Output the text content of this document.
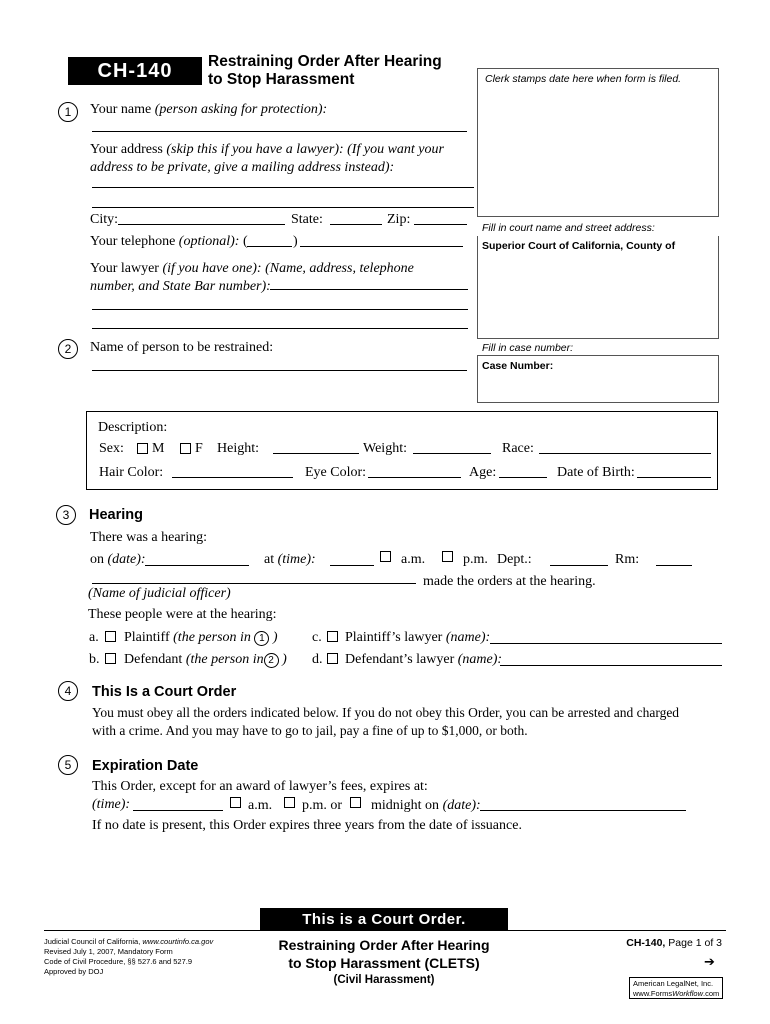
CH-140	Restraining Order After Hearing
to Stop Harassment	Clerk stamps date here when form is filed.
Fill in court name and street address:
Superior Court of California, County of
Fill in case number:
Case Number:
1	Your name (person asking for protection):
Your address (skip this if you have a lawyer): (If you want your
address to be private, give a mailing address instead):
City:	State:	Zip:
Your telephone (optional): (	)
Your lawyer (if you have one): (Name, address, telephone
number, and State Bar number):
2	Name of person to be restrained:
Description:
Sex: M F Height:	Weight:	Race:
Hair Color:	Eye Color:	Age:	Date of Birth:
3	Hearing
There was a hearing:
on (date):	at (time):	a.m.	p.m. Dept.:	Rm:
made the orders at the hearing.
(Name of judicial officer)
These people were at the hearing:
a. Plaintiff (the person in 1 )
b. Defendant (the person in 2 )
c. Plaintiff’s lawyer (name):
d. Defendant’s lawyer (name):
4	This Is a Court Order
You must obey all the orders indicated below. If you do not obey this Order, you can be arrested and charged
with a crime. And you may have to go to jail, pay a fine of up to $1,000, or both.
5	Expiration Date
This Order, except for an award of lawyer’s fees, expires at:
(time):	a.m. p.m. or midnight on (date):
If no date is present, this Order expires three years from the date of issuance.
This is a Court Order.
Judicial Council of California, www.courtinfo.ca.gov
Revised July 1, 2007, Mandatory Form
Code of Civil Procedure, §§ 527.6 and 527.9
Approved by DOJ
Restraining Order After Hearing
to Stop Harassment (CLETS)
(Civil Harassment)
CH-140, Page 1 of 3
➔
American LegalNet, Inc.
www.FormsWorkflow.com
